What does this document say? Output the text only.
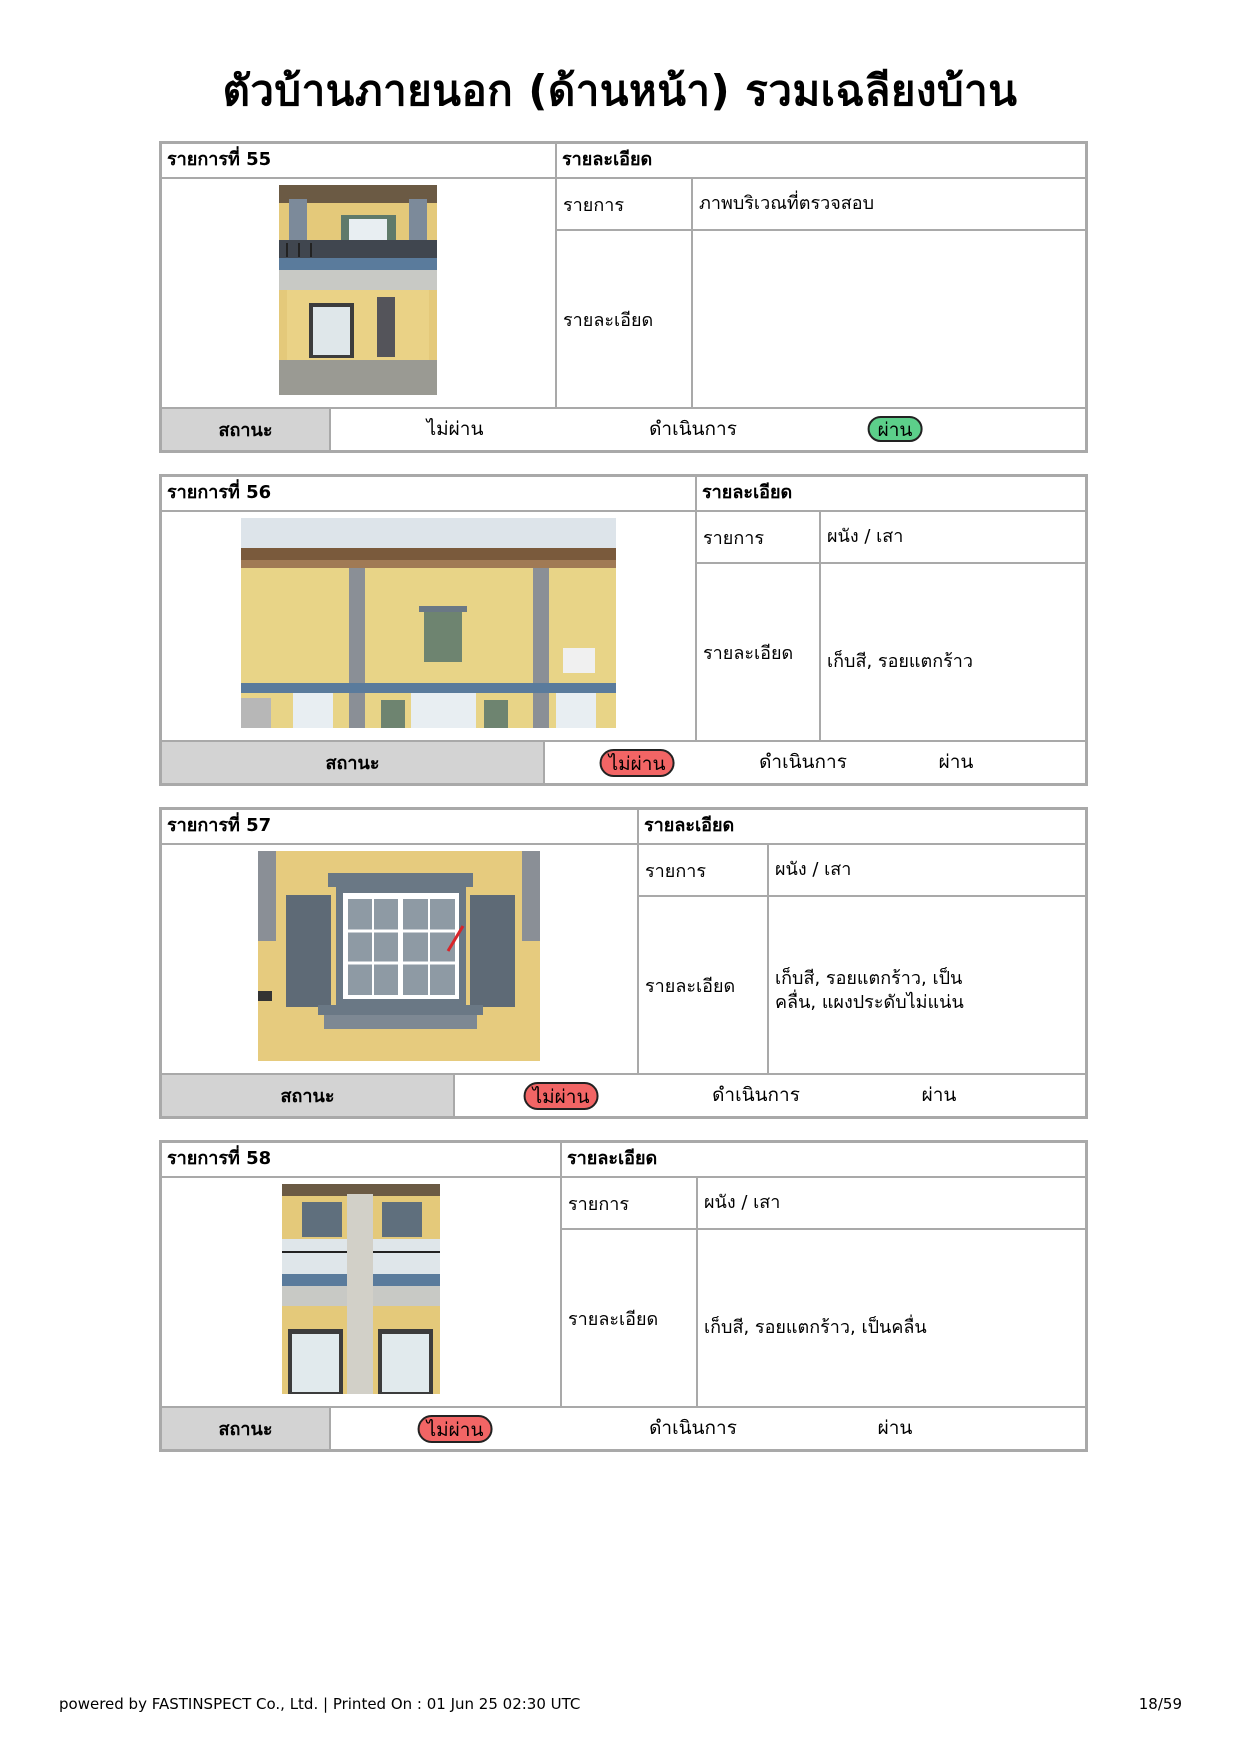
ตัวบ้านภายนอก (ด้านหน้า) รวมเฉลียงบ้าน
รายการที่ 55	รายละเอียด
รายการ	ภาพบริเวณที่ตรวจสอบ
รายละเอียด
สถานะ	ไม่ผ่าน	ดำเนินการ	ผ่าน
รายการที่ 56	รายละเอียด
รายการ	ผนัง / เสา
รายละเอียด	เก็บสี, รอยแตกร้าว
สถานะ	ไม่ผ่าน	ดำเนินการ	ผ่าน
รายการที่ 57	รายละเอียด
รายการ	ผนัง / เสา
รายละเอียด	เก็บสี, รอยแตกร้าว, เป็นคลื่น, แผงประดับไม่แน่น
สถานะ	ไม่ผ่าน	ดำเนินการ	ผ่าน
รายการที่ 58	รายละเอียด
รายการ	ผนัง / เสา
รายละเอียด	เก็บสี, รอยแตกร้าว, เป็นคลื่น
สถานะ	ไม่ผ่าน	ดำเนินการ	ผ่าน
powered by FASTINSPECT Co., Ltd. | Printed On : 01 Jun 25 02:30 UTC	18/59
